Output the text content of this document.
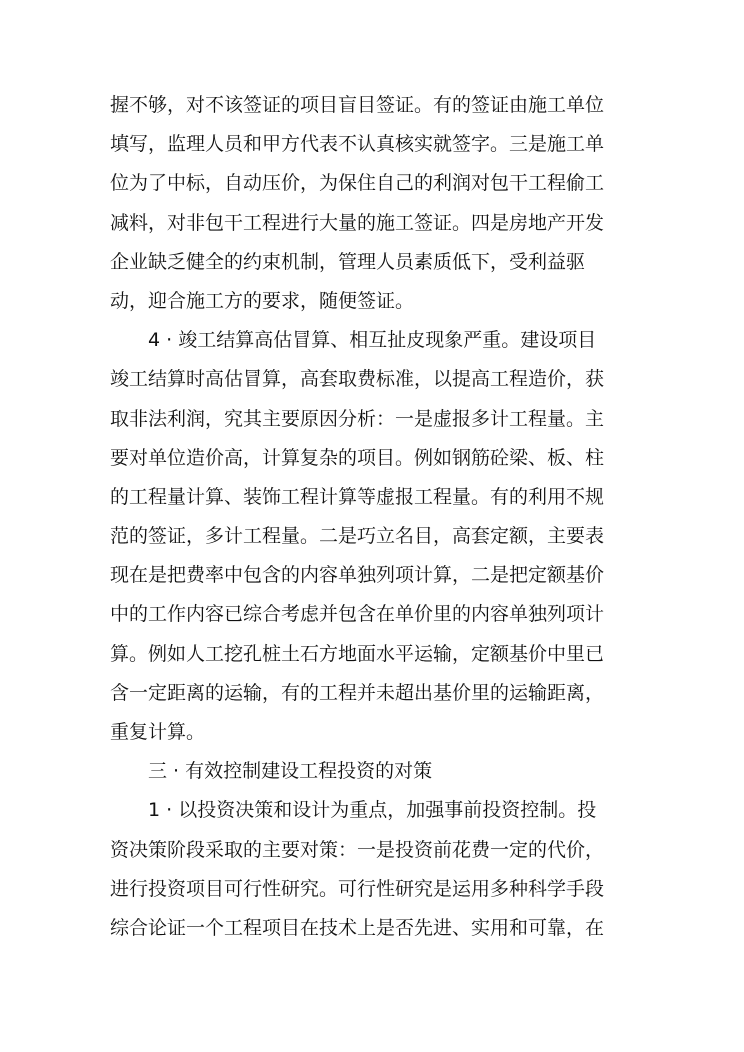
握不够，对不该签证的项目盲目签证。有的签证由施工单位
填写，监理人员和甲方代表不认真核实就签字。三是施工单
位为了中标，自动压价，为保住自己的利润对包干工程偷工
减料，对非包干工程进行大量的施工签证。四是房地产开发
企业缺乏健全的约束机制，管理人员素质低下，受利益驱
动，迎合施工方的要求，随便签证。
4 · 竣工结算高估冒算、相互扯皮现象严重。建设项目
竣工结算时高估冒算，高套取费标准，以提高工程造价，获
取非法利润，究其主要原因分析：一是虚报多计工程量。主
要对单位造价高，计算复杂的项目。例如钢筋砼梁、板、柱
的工程量计算、装饰工程计算等虚报工程量。有的利用不规
范的签证，多计工程量。二是巧立名目，高套定额，主要表
现在是把费率中包含的内容单独列项计算，二是把定额基价
中的工作内容已综合考虑并包含在单价里的内容单独列项计
算。例如人工挖孔桩土石方地面水平运输，定额基价中里已
含一定距离的运输，有的工程并未超出基价里的运输距离，
重复计算。
三 · 有效控制建设工程投资的对策
1 · 以投资决策和设计为重点，加强事前投资控制。投
资决策阶段采取的主要对策：一是投资前花费一定的代价，
进行投资项目可行性研究。可行性研究是运用多种科学手段
综合论证一个工程项目在技术上是否先进、实用和可靠，在
